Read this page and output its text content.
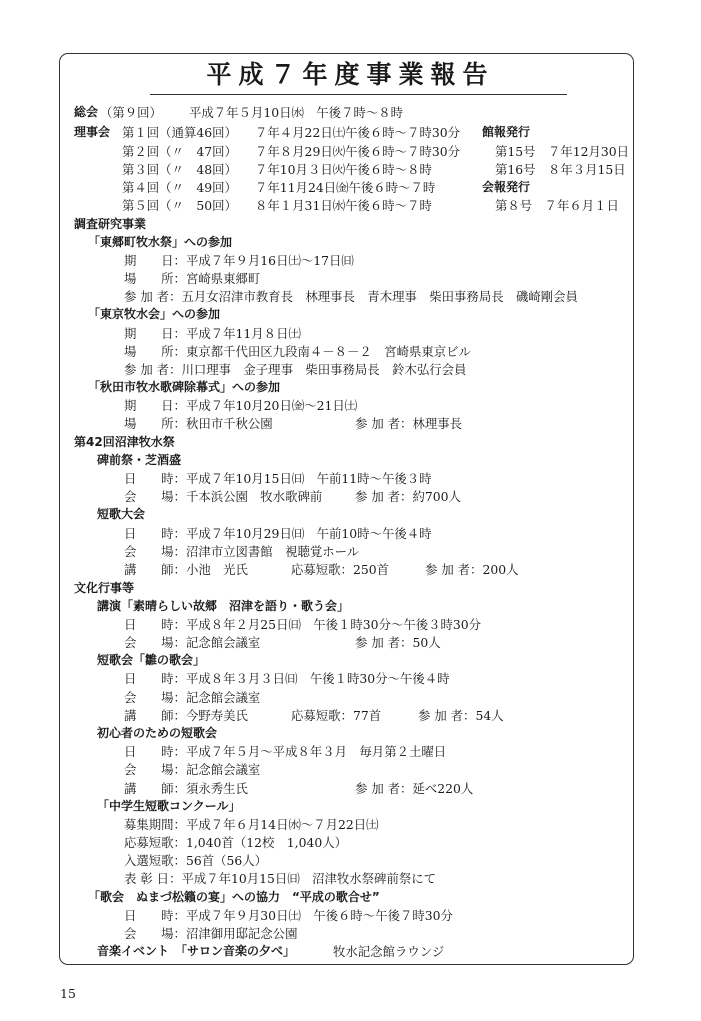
平成７年度事業報告
総会 （第９回） 平成７年５月10日㈬　午後７時～８時
理事会 第１回（通算46回） ７年４月22日㈯午後６時～７時30分 館報発行
第２回（〃　47回） ７年８月29日㈫午後６時～７時30分	第15号　７年12月30日
第３回（〃　48回） ７年10月３日㈫午後６時～８時	第16号　８年３月15日
第４回（〃　49回） ７年11月24日㈮午後６時～７時	会報発行
第５回（〃　50回） ８年１月31日㈬午後６時～７時	第８号　７年６月１日
調査研究事業
「東郷町牧水祭」への参加
期　　日：平成７年９月16日㈯～17日㈰
場　　所：宮崎県東郷町
参 加 者：五月女沼津市教育長　林理事長　青木理事　柴田事務局長　磯崎剛会員
「東京牧水会」への参加
期　　日：平成７年11月８日㈯
場　　所：東京都千代田区九段南４－８－２　宮崎県東京ビル
参 加 者：川口理事　金子理事　柴田事務局長　鈴木弘行会員
「秋田市牧水歌碑除幕式」への参加
期　　日：平成７年10月20日㈮～21日㈯
場　　所：秋田市千秋公園	参 加 者：林理事長
第42回沼津牧水祭
碑前祭・芝酒盛
日　　時：平成７年10月15日㈰　午前11時～午後３時
会　　場：千本浜公園　牧水歌碑前	参 加 者：約700人
短歌大会
日　　時：平成７年10月29日㈰　午前10時～午後４時
会　　場：沼津市立図書館　視聴覚ホール
講　　師：小池　光氏	応募短歌：250首	参 加 者：200人
文化行事等
講演「素晴らしい故郷　沼津を語り・歌う会」
日　　時：平成８年２月25日㈰　午後１時30分～午後３時30分
会　　場：記念館会議室	参 加 者：50人
短歌会「雛の歌会」
日　　時：平成８年３月３日㈰　午後１時30分～午後４時
会　　場：記念館会議室
講　　師：今野寿美氏	応募短歌：77首	参 加 者：54人
初心者のための短歌会
日　　時：平成７年５月～平成８年３月　毎月第２土曜日
会　　場：記念館会議室
講　　師：須永秀生氏	参 加 者：延べ220人
「中学生短歌コンクール」
募集期間：平成７年６月14日㈬～７月22日㈯
応募短歌：1,040首（12校　1,040人）
入選短歌：56首（56人）
表 彰 日：平成７年10月15日㈰　沼津牧水祭碑前祭にて
「歌会　ぬまづ松籟の宴」への協力　“平成の歌合せ”
日　　時：平成７年９月30日㈯　午後６時～午後７時30分
会　　場：沼津御用邸記念公園
音楽イベント　「サロン音楽の夕べ」	牧水記念館ラウンジ
15
